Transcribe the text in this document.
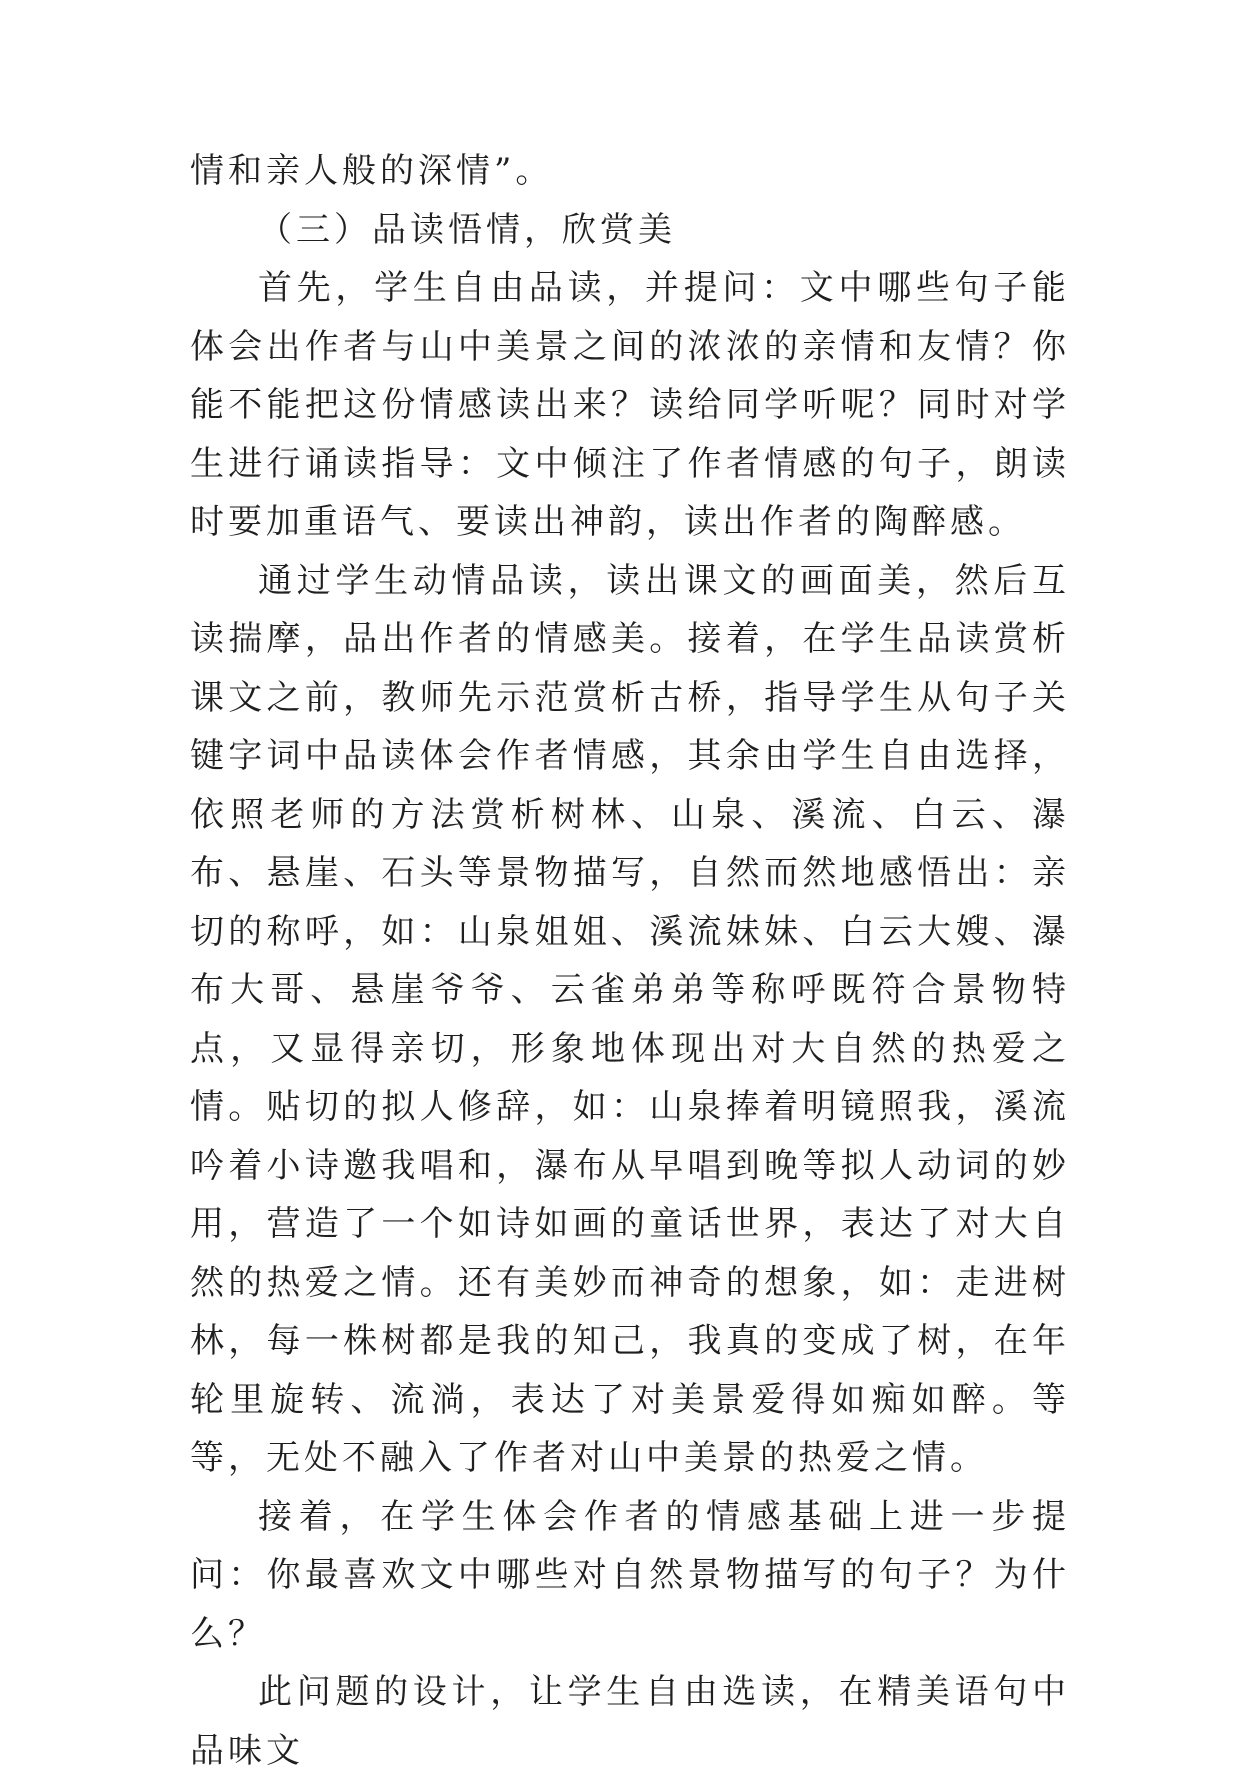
情和亲人般的深情”。

（三）品读悟情，欣赏美

首先，学生自由品读，并提问：文中哪些句子能体会出作者与山中美景之间的浓浓的亲情和友情？你能不能把这份情感读出来？读给同学听呢？同时对学生进行诵读指导：文中倾注了作者情感的句子，朗读时要加重语气、要读出神韵，读出作者的陶醉感。

通过学生动情品读，读出课文的画面美，然后互读揣摩，品出作者的情感美。接着，在学生品读赏析课文之前，教师先示范赏析古桥，指导学生从句子关键字词中品读体会作者情感，其余由学生自由选择，依照老师的方法赏析树林、山泉、溪流、白云、瀑布、悬崖、石头等景物描写，自然而然地感悟出：亲切的称呼，如：山泉姐姐、溪流妹妹、白云大嫂、瀑布大哥、悬崖爷爷、云雀弟弟等称呼既符合景物特点，又显得亲切，形象地体现出对大自然的热爱之情。贴切的拟人修辞，如：山泉捧着明镜照我，溪流吟着小诗邀我唱和，瀑布从早唱到晚等拟人动词的妙用，营造了一个如诗如画的童话世界，表达了对大自然的热爱之情。还有美妙而神奇的想象，如：走进树林，每一株树都是我的知己，我真的变成了树，在年轮里旋转、流淌，表达了对美景爱得如痴如醉。等等，无处不融入了作者对山中美景的热爱之情。

接着，在学生体会作者的情感基础上进一步提问：你最喜欢文中哪些对自然景物描写的句子？为什么？

此问题的设计，让学生自由选读，在精美语句中品味文
